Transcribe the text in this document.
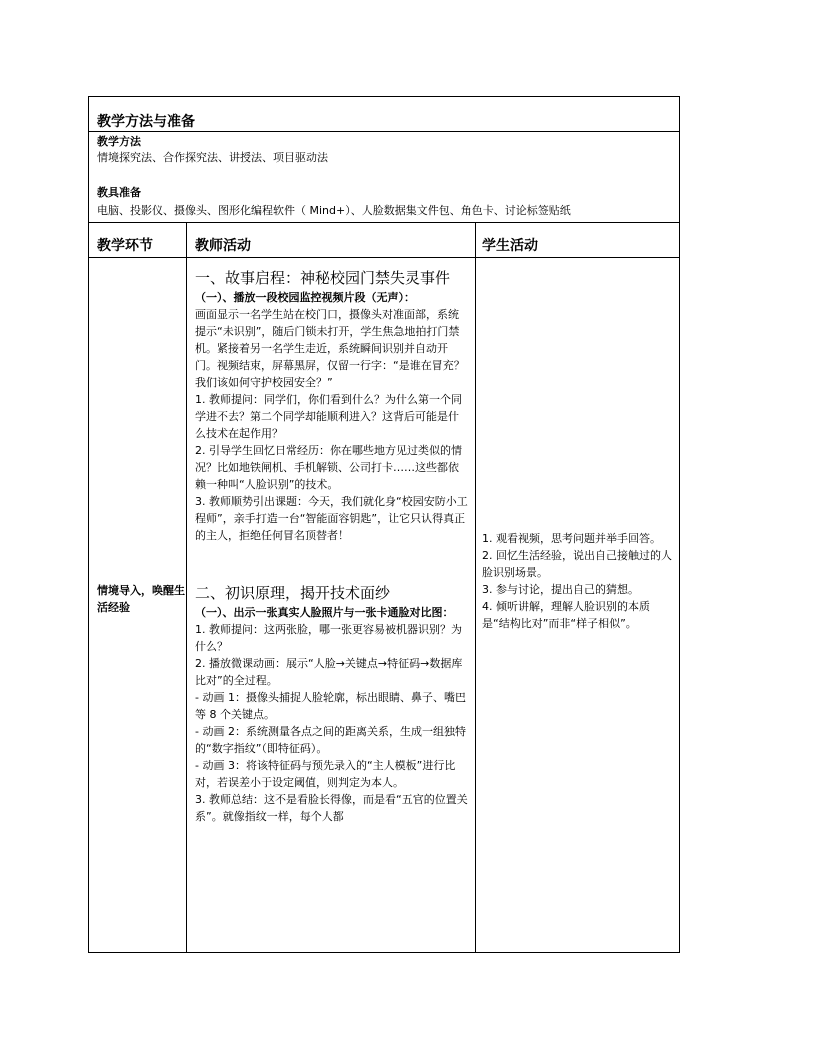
教学方法与准备
教学方法
情境探究法、合作探究法、讲授法、项目驱动法
教具准备
电脑、投影仪、摄像头、图形化编程软件（ Mind+）、人脸数据集文件包、角色卡、讨论标签贴纸
教学环节	教师活动	学生活动
情境导入，唤醒生活经验

一、故事启程：神秘校园门禁失灵事件

（一）、播放一段校园监控视频片段（无声）：

画面显示一名学生站在校门口，摄像头对准面部，系统提示“未识别”，随后门锁未打开，学生焦急地拍打门禁机。紧接着另一名学生走近，系统瞬间识别并自动开门。视频结束，屏幕黑屏，仅留一行字：“是谁在冒充？我们该如何守护校园安全？”

1. 教师提问：同学们，你们看到什么？为什么第一个同学进不去？第二个同学却能顺利进入？这背后可能是什么技术在起作用？

2. 引导学生回忆日常经历：你在哪些地方见过类似的情况？比如地铁闸机、手机解锁、公司打卡……这些都依赖一种叫“人脸识别”的技术。

3. 教师顺势引出课题：今天，我们就化身“校园安防小工程师”，亲手打造一台“智能面容钥匙”，让它只认得真正的主人，拒绝任何冒名顶替者！

二、初识原理，揭开技术面纱

（一）、出示一张真实人脸照片与一张卡通脸对比图：

1. 教师提问：这两张脸，哪一张更容易被机器识别？为什么？

2. 播放微课动画：展示“人脸→关键点→特征码→数据库比对”的全过程。

- 动画 1：摄像头捕捉人脸轮廓，标出眼睛、鼻子、嘴巴等 8 个关键点。

- 动画 2：系统测量各点之间的距离关系，生成一组独特的“数字指纹”（即特征码）。

- 动画 3：将该特征码与预先录入的“主人模板”进行比对，若误差小于设定阈值，则判定为本人。

3. 教师总结：这不是看脸长得像，而是看“五官的位置关系”。就像指纹一样，每个人都

1. 观看视频，思考问题并举手回答。

2. 回忆生活经验，说出自己接触过的人脸识别场景。

3. 参与讨论，提出自己的猜想。

4. 倾听讲解，理解人脸识别的本质是“结构比对”而非“样子相似”。
